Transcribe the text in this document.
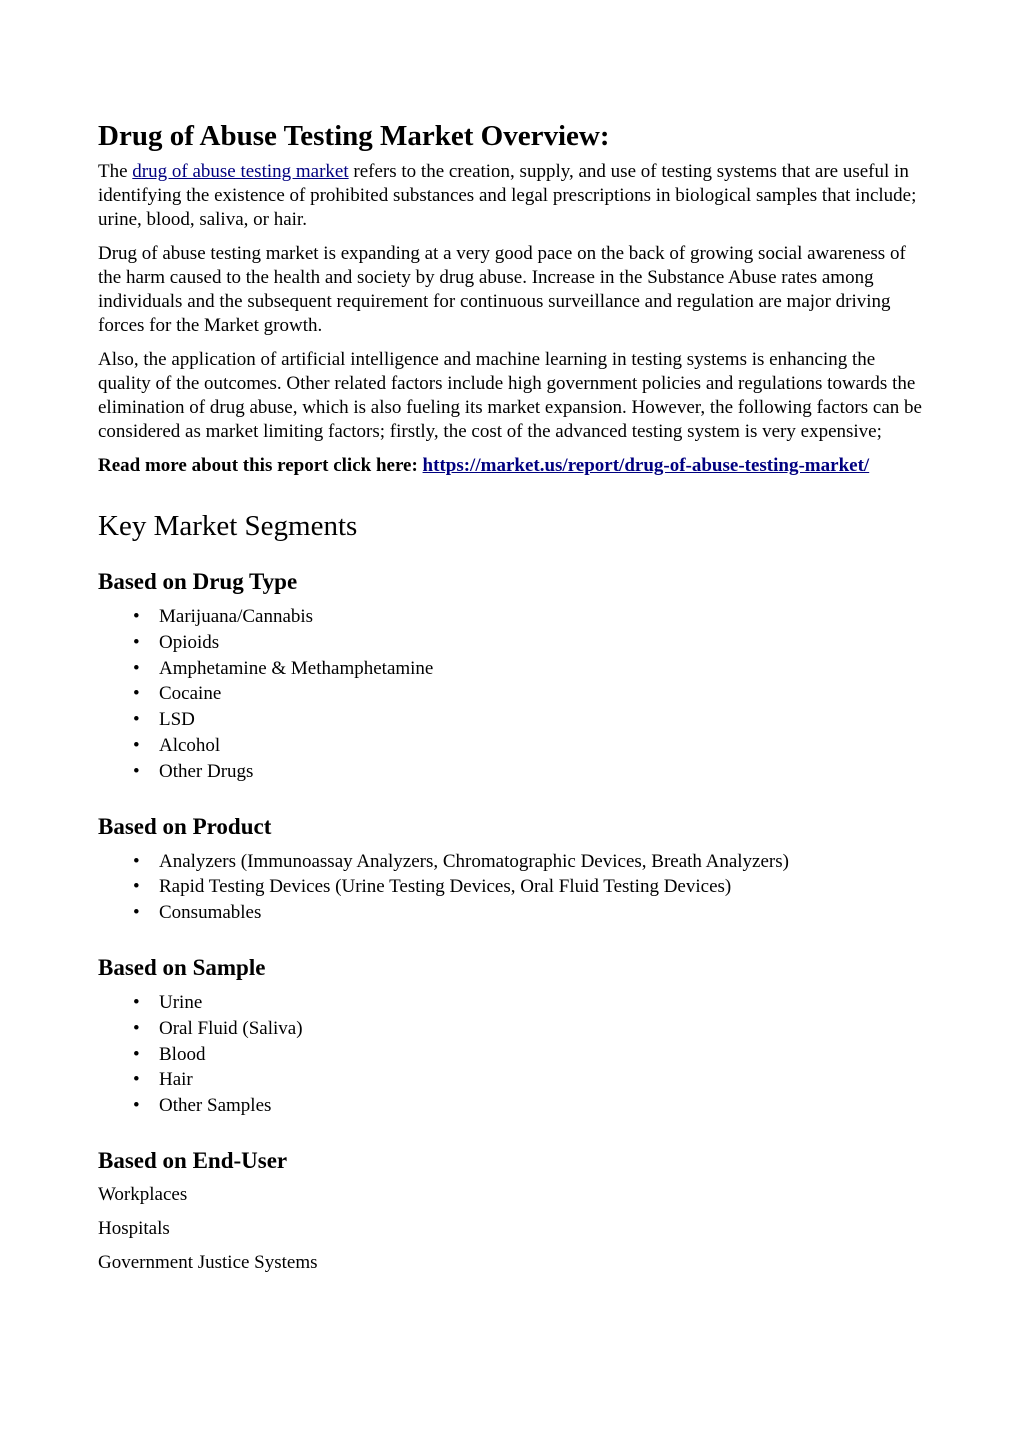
Drug of Abuse Testing Market Overview:

The drug of abuse testing market refers to the creation, supply, and use of testing systems that are useful in identifying the existence of prohibited substances and legal prescriptions in biological samples that include; urine, blood, saliva, or hair.

Drug of abuse testing market is expanding at a very good pace on the back of growing social awareness of the harm caused to the health and society by drug abuse. Increase in the Substance Abuse rates among individuals and the subsequent requirement for continuous surveillance and regulation are major driving forces for the Market growth.

Also, the application of artificial intelligence and machine learning in testing systems is enhancing the quality of the outcomes. Other related factors include high government policies and regulations towards the elimination of drug abuse, which is also fueling its market expansion. However, the following factors can be considered as market limiting factors; firstly, the cost of the advanced testing system is very expensive;

Read more about this report click here: https://market.us/report/drug-of-abuse-testing-market/

Key Market Segments
Based on Drug Type
• Marijuana/Cannabis
• Opioids
• Amphetamine & Methamphetamine
• Cocaine
• LSD
• Alcohol
• Other Drugs
Based on Product
• Analyzers (Immunoassay Analyzers, Chromatographic Devices, Breath Analyzers)
• Rapid Testing Devices (Urine Testing Devices, Oral Fluid Testing Devices)
• Consumables
Based on Sample
• Urine
• Oral Fluid (Saliva)
• Blood
• Hair
• Other Samples
Based on End-User

Workplaces

Hospitals

Government Justice Systems
